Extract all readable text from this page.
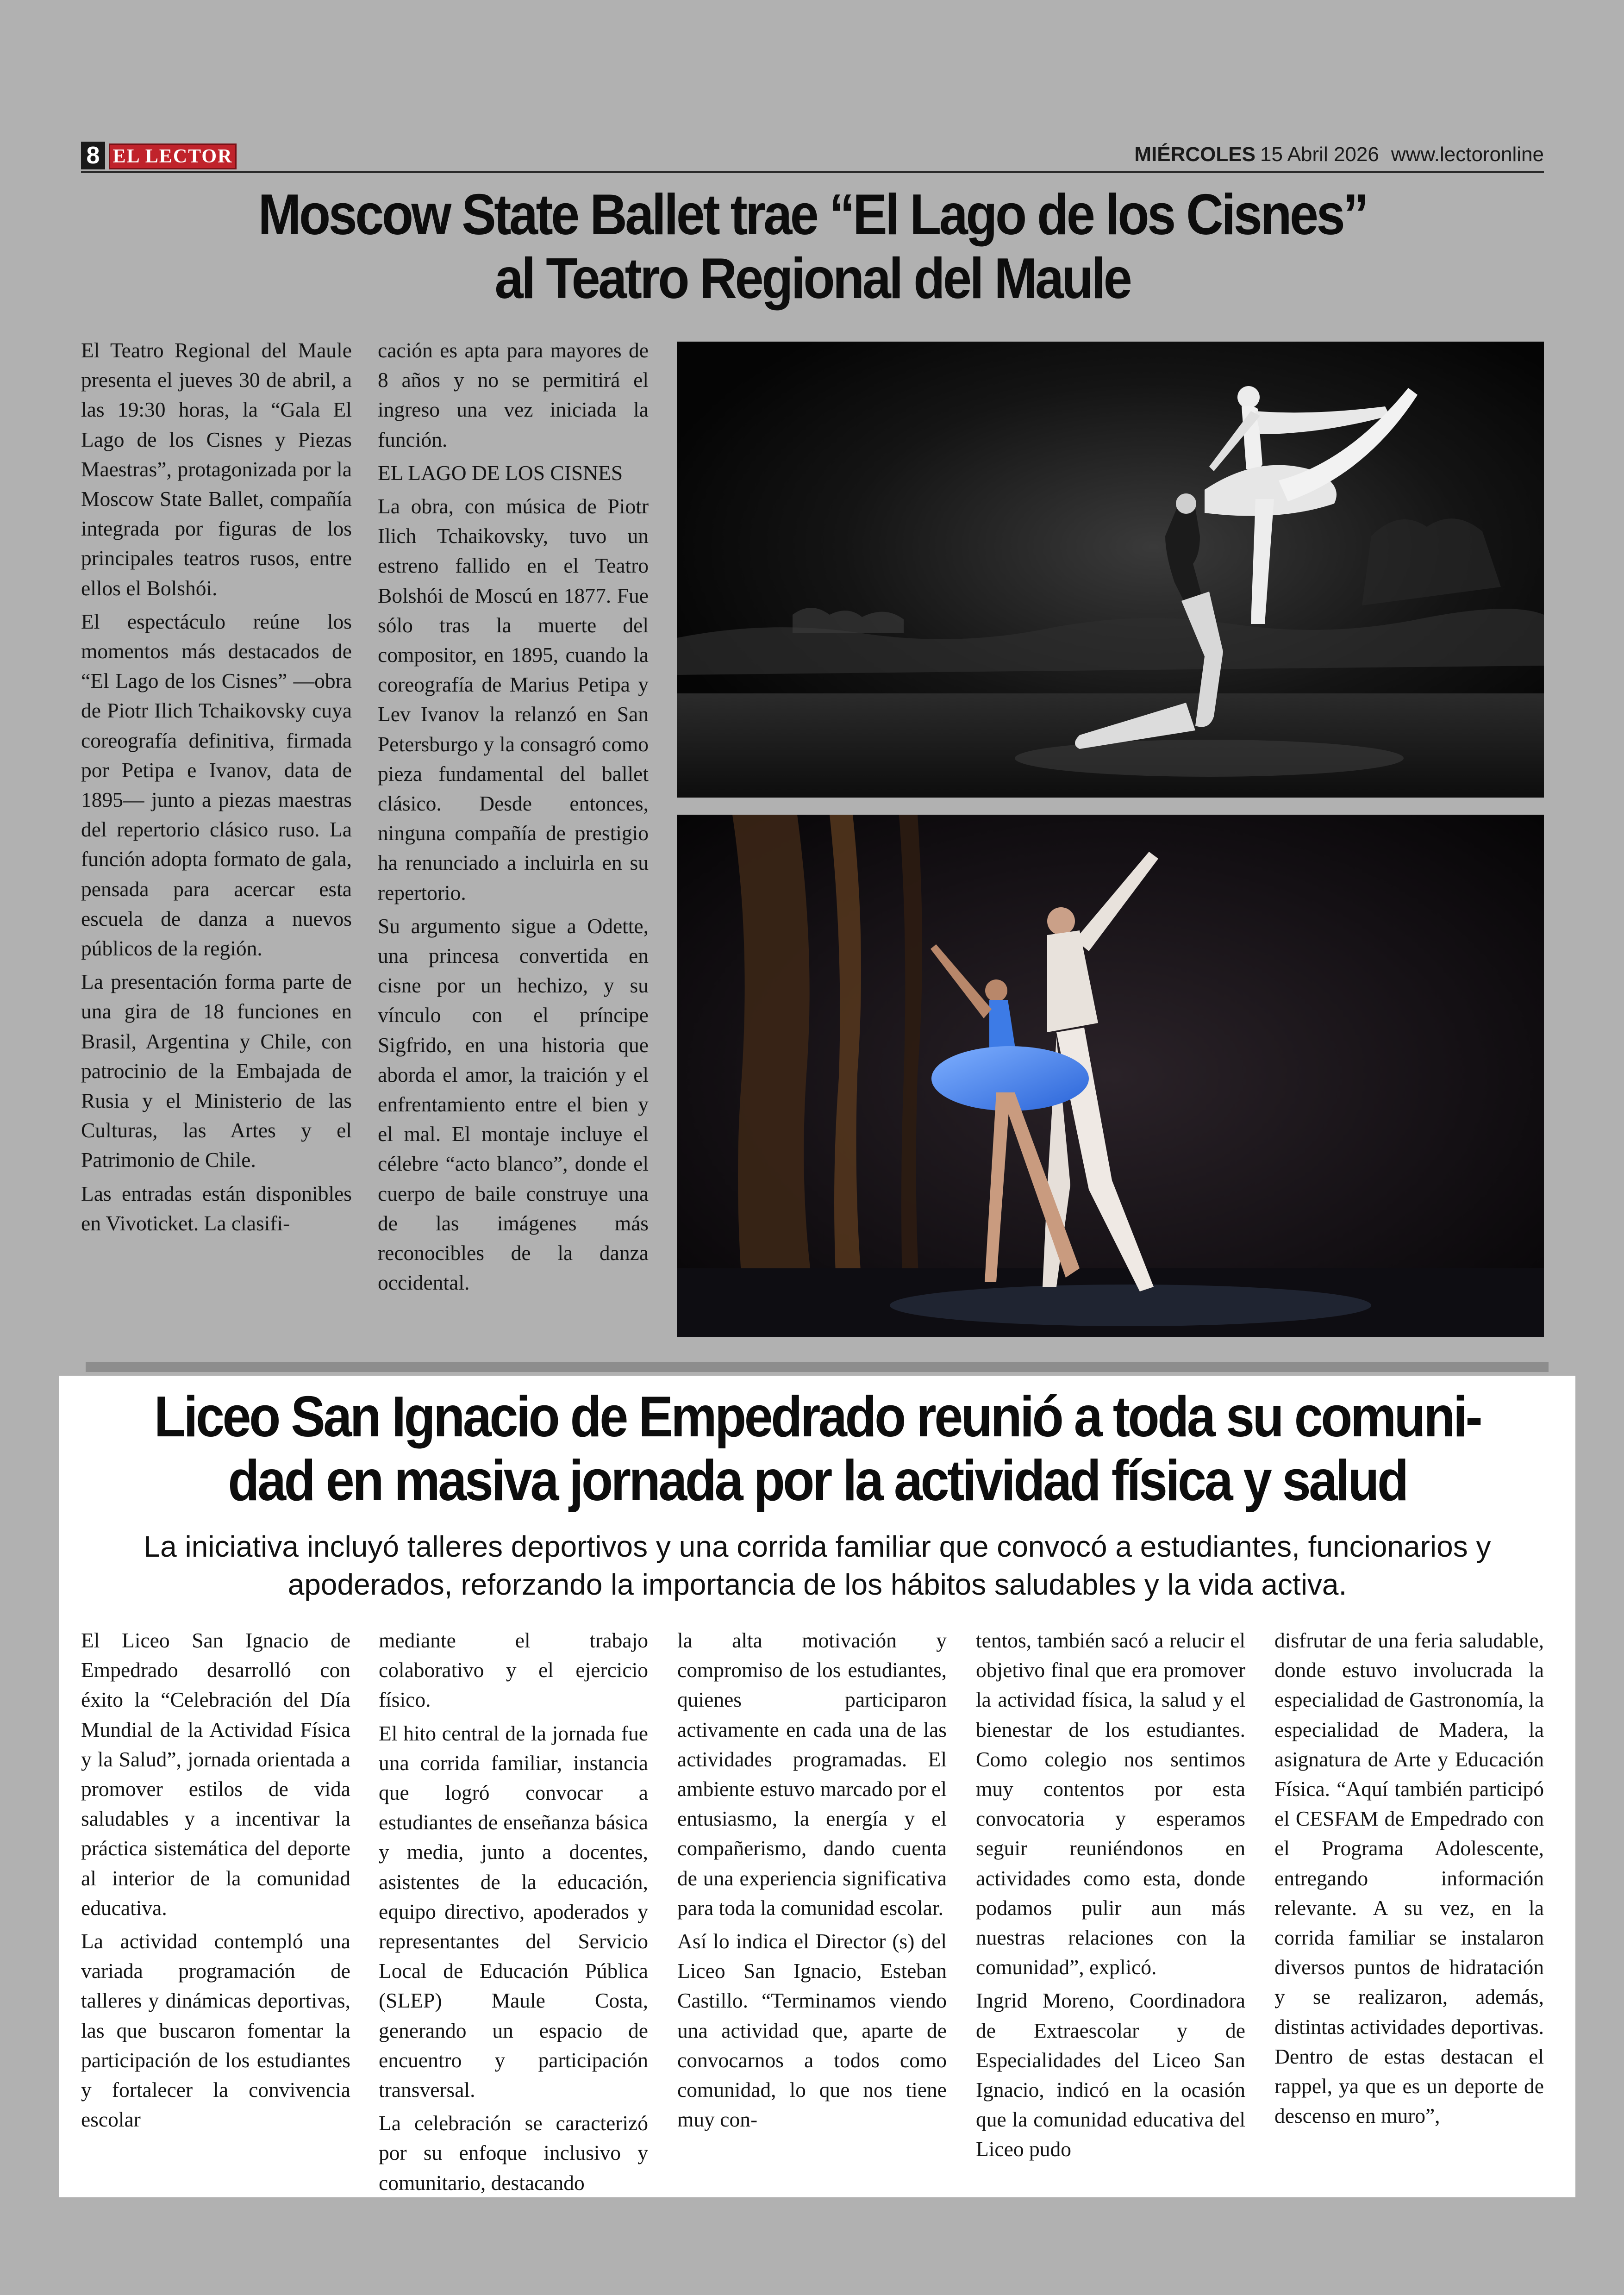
8 EL LECTOR	MIÉRCOLES 15 Abril 2026 www.lectoronline
Moscow State Ballet trae “El Lago de los Cisnes”
al Teatro Regional del Maule

El Teatro Regional del Maule presenta el jueves 30 de abril, a las 19:30 horas, la “Gala El Lago de los Cisnes y Piezas Maestras”, protagonizada por la Moscow State Ballet, compañía integrada por figuras de los principales teatros rusos, entre ellos el Bolshói.

El espectáculo reúne los momentos más destacados de “El Lago de los Cisnes” —obra de Piotr Ilich Tchaikovsky cuya coreografía definitiva, firmada por Petipa e Ivanov, data de 1895— junto a piezas maestras del repertorio clásico ruso. La función adopta formato de gala, pensada para acercar esta escuela de danza a nuevos públicos de la región.

La presentación forma parte de una gira de 18 funciones en Brasil, Argentina y Chile, con patrocinio de la Embajada de Rusia y el Ministerio de las Culturas, las Artes y el Patrimonio de Chile.

Las entradas están disponibles en Vivoticket. La clasifi-

cación es apta para mayores de 8 años y no se permitirá el ingreso una vez iniciada la función.

EL LAGO DE LOS CISNES

La obra, con música de Piotr Ilich Tchaikovsky, tuvo un estreno fallido en el Teatro Bolshói de Moscú en 1877. Fue sólo tras la muerte del compositor, en 1895, cuando la coreografía de Marius Petipa y Lev Ivanov la relanzó en San Petersburgo y la consagró como pieza fundamental del ballet clásico. Desde entonces, ninguna compañía de prestigio ha renunciado a incluirla en su repertorio.

Su argumento sigue a Odette, una princesa convertida en cisne por un hechizo, y su vínculo con el príncipe Sigfrido, en una historia que aborda el amor, la traición y el enfrentamiento entre el bien y el mal. El montaje incluye el célebre “acto blanco”, donde el cuerpo de baile construye una de las imágenes más reconocibles de la danza occidental.

Liceo San Ignacio de Empedrado reunió a toda su comuni-
dad en masiva jornada por la actividad física y salud

La iniciativa incluyó talleres deportivos y una corrida familiar que convocó a estudiantes, funcionarios y apoderados, reforzando la importancia de los hábitos saludables y la vida activa.

El Liceo San Ignacio de Empedrado desarrolló con éxito la “Celebración del Día Mundial de la Actividad Física y la Salud”, jornada orientada a promover estilos de vida saludables y a incentivar la práctica sistemática del deporte al interior de la comunidad educativa.

La actividad contempló una variada programación de talleres y dinámicas deportivas, las que buscaron fomentar la participación de los estudiantes y fortalecer la convivencia escolar

mediante el trabajo colaborativo y el ejercicio físico.

El hito central de la jornada fue una corrida familiar, instancia que logró convocar a estudiantes de enseñanza básica y media, junto a docentes, asistentes de la educación, equipo directivo, apoderados y representantes del Servicio Local de Educación Pública (SLEP) Maule Costa, generando un espacio de encuentro y participación transversal.

La celebración se caracterizó por su enfoque inclusivo y comunitario, destacando

la alta motivación y compromiso de los estudiantes, quienes participaron activamente en cada una de las actividades programadas. El ambiente estuvo marcado por el entusiasmo, la energía y el compañerismo, dando cuenta de una experiencia significativa para toda la comunidad escolar.

Así lo indica el Director (s) del Liceo San Ignacio, Esteban Castillo. “Terminamos viendo una actividad que, aparte de convocarnos a todos como comunidad, lo que nos tiene muy con-

tentos, también sacó a relucir el objetivo final que era promover la actividad física, la salud y el bienestar de los estudiantes. Como colegio nos sentimos muy contentos por esta convocatoria y esperamos seguir reuniéndonos en actividades como esta, donde podamos pulir aun más nuestras relaciones con la comunidad”, explicó.

Ingrid Moreno, Coordinadora de Extraescolar y de Especialidades del Liceo San Ignacio, indicó en la ocasión que la comunidad educativa del Liceo pudo

disfrutar de una feria saludable, donde estuvo involucrada la especialidad de Gastronomía, la especialidad de Madera, la asignatura de Arte y Educación Física. “Aquí también participó el CESFAM de Empedrado con el Programa Adolescente, entregando información relevante. A su vez, en la corrida familiar se instalaron diversos puntos de hidratación y se realizaron, además, distintas actividades deportivas. Dentro de estas destacan el rappel, ya que es un deporte de descenso en muro”,
